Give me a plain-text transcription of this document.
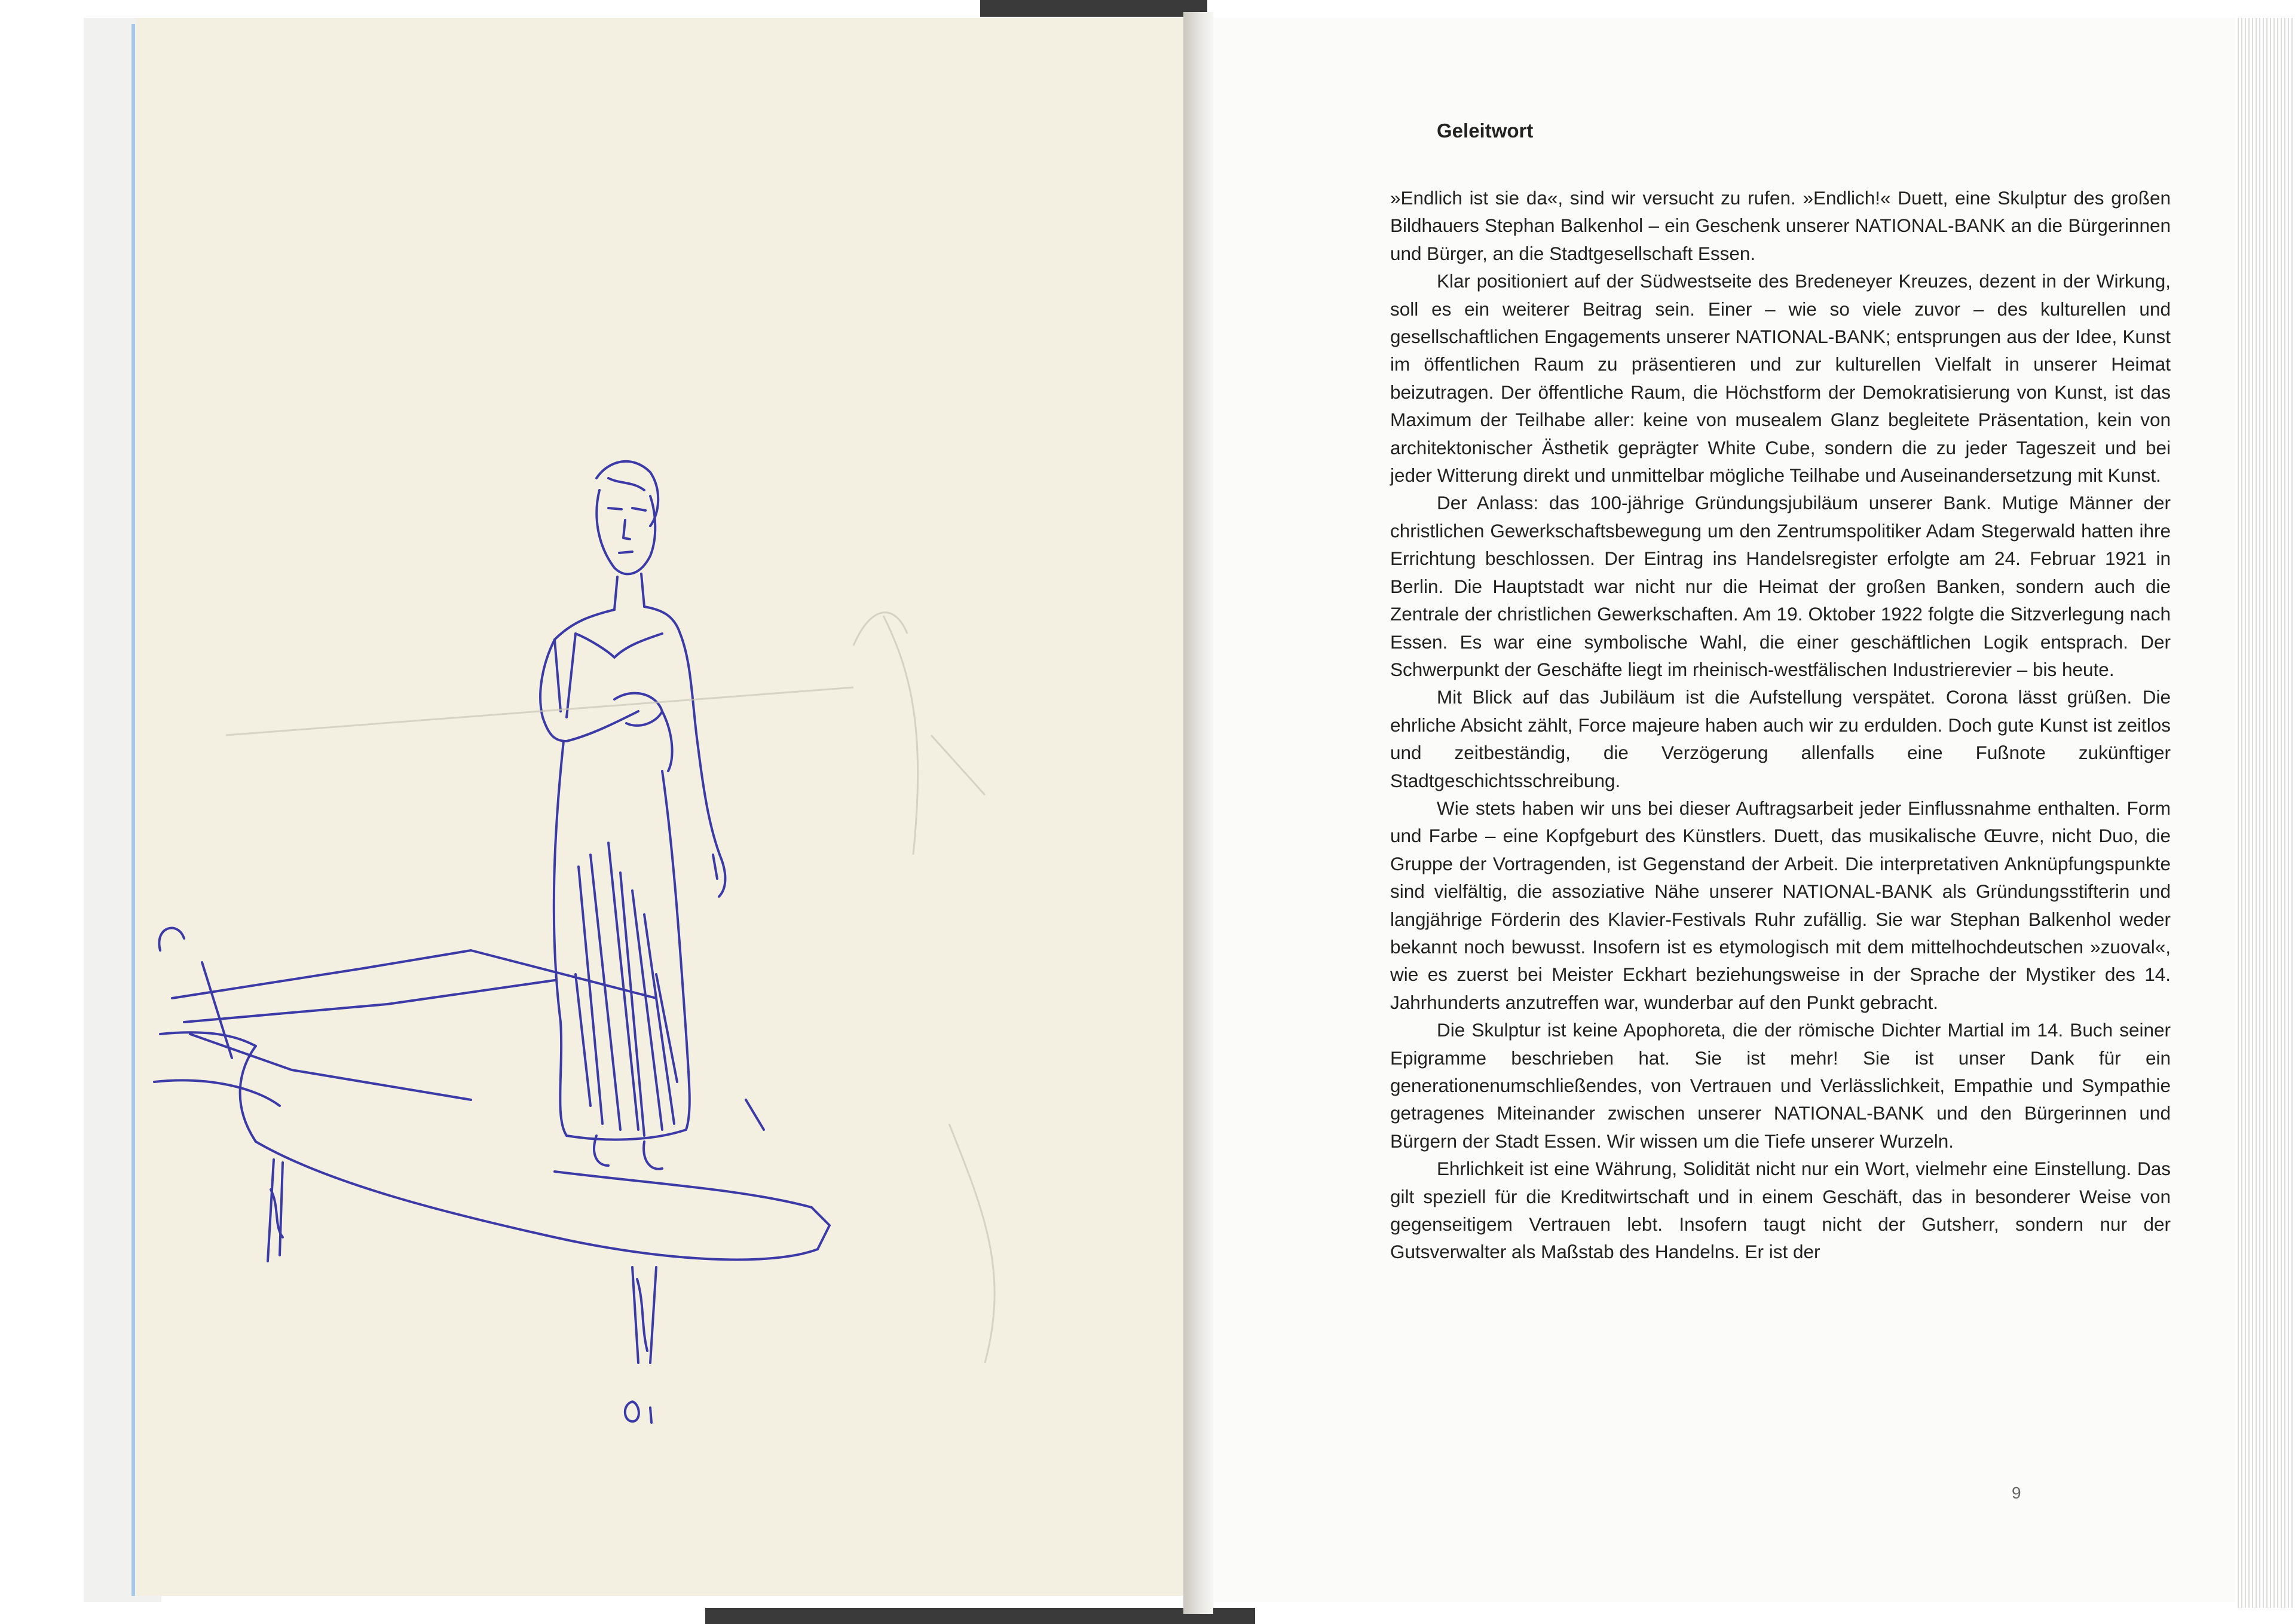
Geleitwort

»Endlich ist sie da«, sind wir versucht zu rufen. »Endlich!« Duett, eine Skulptur des großen Bildhauers Stephan Balkenhol – ein Geschenk unserer NATIONAL-BANK an die Bürgerinnen und Bürger, an die Stadtgesellschaft Essen.

Klar positioniert auf der Südwestseite des Bredeneyer Kreuzes, dezent in der Wirkung, soll es ein weiterer Beitrag sein. Einer – wie so viele zuvor – des kulturellen und gesellschaftlichen Engagements unserer NATIONAL-BANK; entsprungen aus der Idee, Kunst im öffentlichen Raum zu präsentieren und zur kulturellen Vielfalt in unserer Heimat beizutragen. Der öffentliche Raum, die Höchstform der Demokratisierung von Kunst, ist das Maximum der Teilhabe aller: keine von musealem Glanz begleitete Präsentation, kein von architektonischer Ästhetik geprägter White Cube, sondern die zu jeder Tageszeit und bei jeder Witterung direkt und unmittelbar mögliche Teilhabe und Auseinandersetzung mit Kunst.

Der Anlass: das 100-jährige Gründungsjubiläum unserer Bank. Mutige Männer der christlichen Gewerkschaftsbewegung um den Zentrumspolitiker Adam Stegerwald hatten ihre Errichtung beschlossen. Der Eintrag ins Handelsregister erfolgte am 24. Februar 1921 in Berlin. Die Hauptstadt war nicht nur die Heimat der großen Banken, sondern auch die Zentrale der christlichen Gewerkschaften. Am 19. Oktober 1922 folgte die Sitzverlegung nach Essen. Es war eine symbolische Wahl, die einer geschäftlichen Logik entsprach. Der Schwerpunkt der Geschäfte liegt im rheinisch-westfälischen Industrierevier – bis heute.

Mit Blick auf das Jubiläum ist die Aufstellung verspätet. Corona lässt grüßen. Die ehrliche Absicht zählt, Force majeure haben auch wir zu erdulden. Doch gute Kunst ist zeitlos und zeitbeständig, die Verzögerung allenfalls eine Fußnote zukünftiger Stadtgeschichtsschreibung.

Wie stets haben wir uns bei dieser Auftragsarbeit jeder Einflussnahme enthalten. Form und Farbe – eine Kopfgeburt des Künstlers. Duett, das musikalische Œuvre, nicht Duo, die Gruppe der Vortragenden, ist Gegenstand der Arbeit. Die interpretativen Anknüpfungspunkte sind vielfältig, die assoziative Nähe unserer NATIONAL-BANK als Gründungsstifterin und langjährige Förderin des Klavier-Festivals Ruhr zufällig. Sie war Stephan Balkenhol weder bekannt noch bewusst. Insofern ist es etymologisch mit dem mittelhochdeutschen »zuoval«, wie es zuerst bei Meister Eckhart beziehungsweise in der Sprache der Mystiker des 14. Jahrhunderts anzutreffen war, wunderbar auf den Punkt gebracht.

Die Skulptur ist keine Apophoreta, die der römische Dichter Martial im 14. Buch seiner Epigramme beschrieben hat. Sie ist mehr! Sie ist unser Dank für ein generationenumschließendes, von Vertrauen und Verlässlichkeit, Empathie und Sympathie getragenes Miteinander zwischen unserer NATIONAL-BANK und den Bürgerinnen und Bürgern der Stadt Essen. Wir wissen um die Tiefe unserer Wurzeln.

Ehrlichkeit ist eine Währung, Solidität nicht nur ein Wort, vielmehr eine Einstellung. Das gilt speziell für die Kreditwirtschaft und in einem Geschäft, das in besonderer Weise von gegenseitigem Vertrauen lebt. Insofern taugt nicht der Gutsherr, sondern nur der Gutsverwalter als Maßstab des Handelns. Er ist der

9
